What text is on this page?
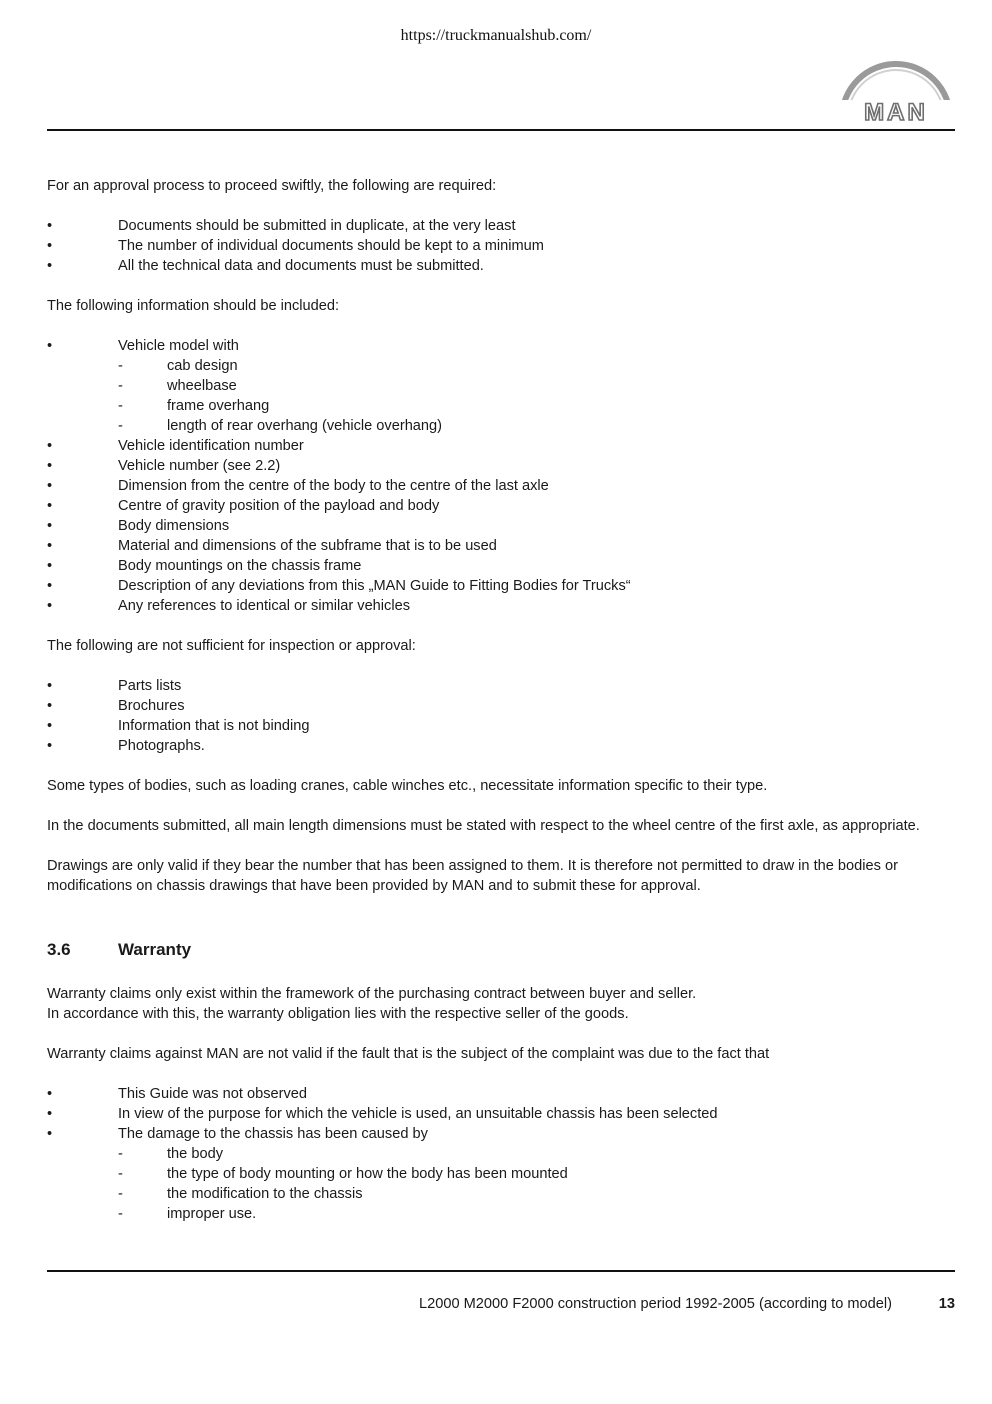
https://truckmanualshub.com/
MAN

For an approval process to proceed swiftly, the following are required:

•	Documents should be submitted in duplicate, at the very least
•	The number of individual documents should be kept to a minimum
•	All the technical data and documents must be submitted.

The following information should be included:

•	Vehicle model with
-	cab design
-	wheelbase
-	frame overhang
-	length of rear overhang (vehicle overhang)
•	Vehicle identification number
•	Vehicle number (see 2.2)
•	Dimension from the centre of the body to the centre of the last axle
•	Centre of gravity position of the payload and body
•	Body dimensions
•	Material and dimensions of the subframe that is to be used
•	Body mountings on the chassis frame
•	Description of any deviations from this „MAN Guide to Fitting Bodies for Trucks“
•	Any references to identical or similar vehicles

The following are not sufficient for inspection or approval:

•	Parts lists
•	Brochures
•	Information that is not binding
•	Photographs.

Some types of bodies, such as loading cranes, cable winches etc., necessitate information specific to their type.

In the documents submitted, all main length dimensions must be stated with respect to the wheel centre of the first axle, as appropriate.

Drawings are only valid if they bear the number that has been assigned to them. It is therefore not permitted to draw in the bodies or

modifications on chassis drawings that have been provided by MAN and to submit these for approval.

3.6	Warranty

Warranty claims only exist within the framework of the purchasing contract between buyer and seller.

In accordance with this, the warranty obligation lies with the respective seller of the goods.

Warranty claims against MAN are not valid if the fault that is the subject of the complaint was due to the fact that

•	This Guide was not observed
•	In view of the purpose for which the vehicle is used, an unsuitable chassis has been selected
•	The damage to the chassis has been caused by
-	the body
-	the type of body mounting or how the body has been mounted
-	the modification to the chassis
-	improper use.
L2000 M2000 F2000 construction period 1992-2005 (according to model)	13
